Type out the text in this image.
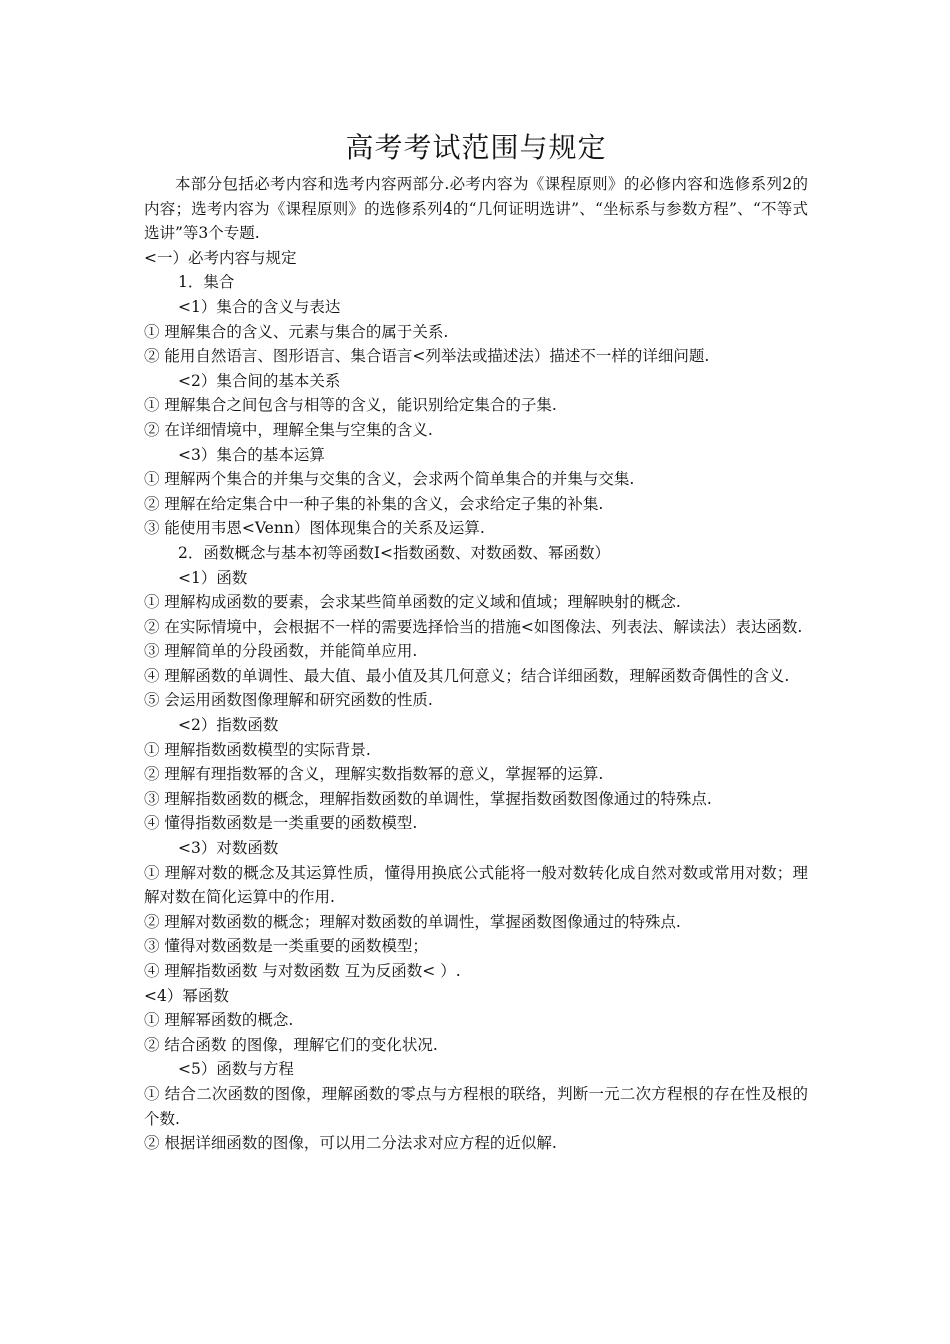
高考考试范围与规定

本部分包括必考内容和选考内容两部分.必考内容为《课程原则》的必修内容和选修系列2的内容；选考内容为《课程原则》的选修系列4的“几何证明选讲”、“坐标系与参数方程”、“不等式选讲”等3个专题.

<一）必考内容与规定

1．集合

<1）集合的含义与表达

① 理解集合的含义、元素与集合的属于关系.

② 能用自然语言、图形语言、集合语言<列举法或描述法）描述不一样的详细问题.

<2）集合间的基本关系

① 理解集合之间包含与相等的含义，能识别给定集合的子集.

② 在详细情境中，理解全集与空集的含义.

<3）集合的基本运算

① 理解两个集合的并集与交集的含义，会求两个简单集合的并集与交集.

② 理解在给定集合中一种子集的补集的含义，会求给定子集的补集.

③ 能使用韦恩<Venn）图体现集合的关系及运算.

2．函数概念与基本初等函数Ⅰ<指数函数、对数函数、幂函数）

<1）函数

① 理解构成函数的要素，会求某些简单函数的定义域和值域；理解映射的概念.

② 在实际情境中，会根据不一样的需要选择恰当的措施<如图像法、列表法、解读法）表达函数.

③ 理解简单的分段函数，并能简单应用.

④ 理解函数的单调性、最大值、最小值及其几何意义；结合详细函数，理解函数奇偶性的含义.

⑤ 会运用函数图像理解和研究函数的性质.

<2）指数函数

① 理解指数函数模型的实际背景.

② 理解有理指数幂的含义，理解实数指数幂的意义，掌握幂的运算.

③ 理解指数函数的概念，理解指数函数的单调性，掌握指数函数图像通过的特殊点.

④ 懂得指数函数是一类重要的函数模型.

<3）对数函数

① 理解对数的概念及其运算性质，懂得用换底公式能将一般对数转化成自然对数或常用对数；理解对数在简化运算中的作用.

② 理解对数函数的概念；理解对数函数的单调性，掌握函数图像通过的特殊点.

③ 懂得对数函数是一类重要的函数模型；

④ 理解指数函数 与对数函数 互为反函数< ）.

<4）幂函数

① 理解幂函数的概念.

② 结合函数 的图像，理解它们的变化状况.

<5）函数与方程

① 结合二次函数的图像，理解函数的零点与方程根的联络，判断一元二次方程根的存在性及根的个数.

② 根据详细函数的图像，可以用二分法求对应方程的近似解.
